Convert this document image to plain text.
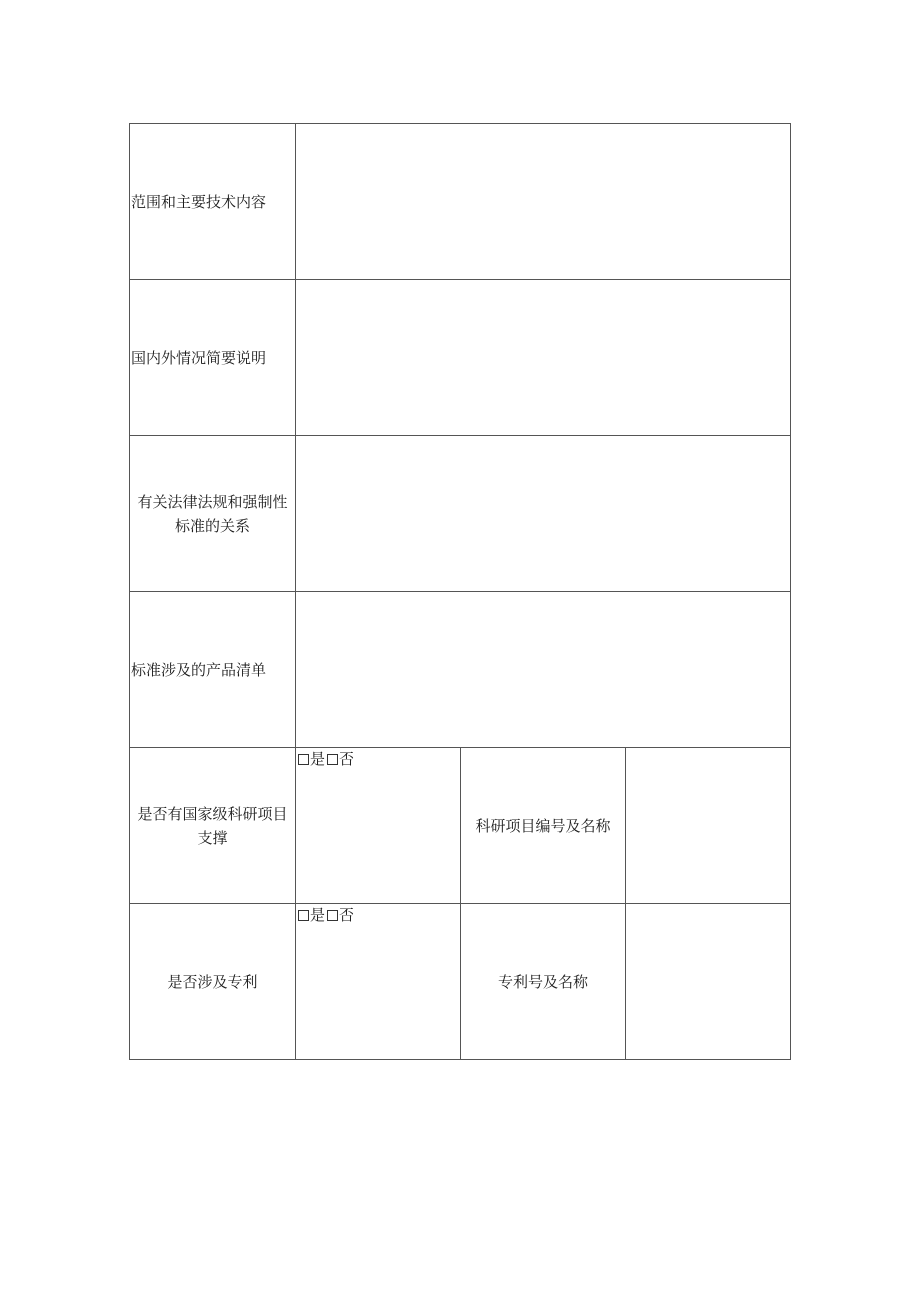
范围和主要技术内容			
国内外情况简要说明			
有关法律法规和强制性标准的关系			
标准涉及的产品清单			
是否有国家级科研项目支撑	是 否	科研项目编号及名称	
是否涉及专利	是 否	专利号及名称	
